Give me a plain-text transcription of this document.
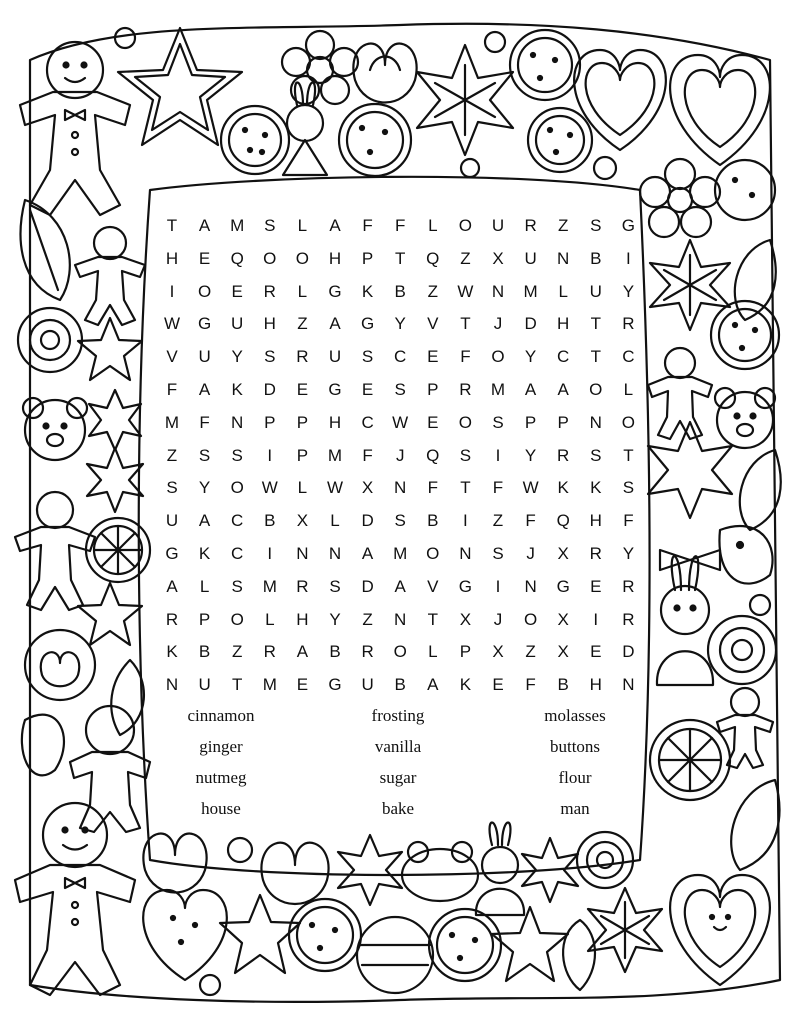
T	A	M	S	L	A	F	F	L	O	U	R	Z	S	G
H	E	Q	O	O	H	P	T	Q	Z	X	U	N	B	I
I	O	E	R	L	G	K	B	Z	W	N	M	L	U	Y
W	G	U	H	Z	A	G	Y	V	T	J	D	H	T	R
V	U	Y	S	R	U	S	C	E	F	O	Y	C	T	C
F	A	K	D	E	G	E	S	P	R	M	A	A	O	L
M	F	N	P	P	H	C	W	E	O	S	P	P	N	O
Z	S	S	I	P	M	F	J	Q	S	I	Y	R	S	T
S	Y	O	W	L	W	X	N	F	T	F	W	K	K	S
U	A	C	B	X	L	D	S	B	I	Z	F	Q	H	F
G	K	C	I	N	N	A	M	O	N	S	J	X	R	Y
A	L	S	M	R	S	D	A	V	G	I	N	G	E	R
R	P	O	L	H	Y	Z	N	T	X	J	O	X	I	R
K	B	Z	R	A	B	R	O	L	P	X	Z	X	E	D
N	U	T	M	E	G	U	B	A	K	E	F	B	H	N
cinnamon	frosting	molasses
ginger	vanilla	buttons
nutmeg	sugar	flour
house	bake	man
